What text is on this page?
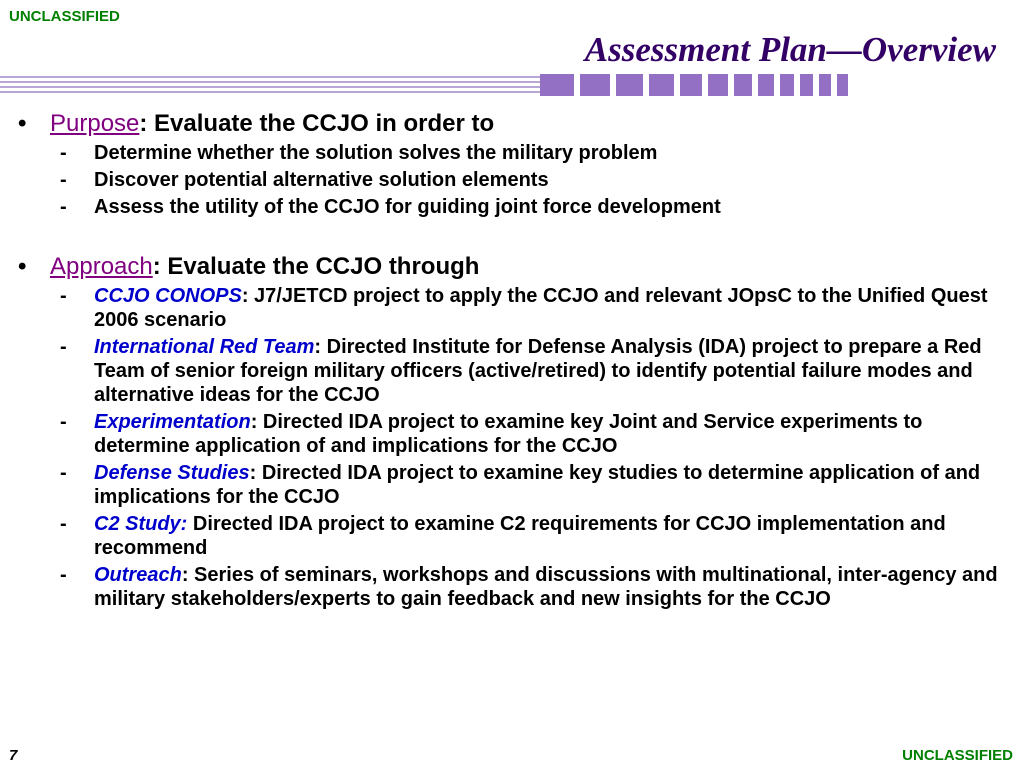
UNCLASSIFIED
Assessment Plan—Overview
• Purpose: Evaluate the CCJO in order to
-	Determine whether the solution solves the military problem
-	Discover potential alternative solution elements
-	Assess the utility of the CCJO for guiding joint force development
• Approach: Evaluate the CCJO through
-	CCJO CONOPS: J7/JETCD project to apply the CCJO and relevant JOpsC to the Unified Quest 2006 scenario
-	International Red Team: Directed Institute for Defense Analysis (IDA) project to prepare a Red Team of senior foreign military officers (active/retired) to identify potential failure modes and alternative ideas for the CCJO
-	Experimentation: Directed IDA project to examine key Joint and Service experiments to determine application of and implications for the CCJO
-	Defense Studies: Directed IDA project to examine key studies to determine application of and implications for the CCJO
-	C2 Study: Directed IDA project to examine C2 requirements for CCJO implementation and recommend
-	Outreach: Series of seminars, workshops and discussions with multinational, inter-agency and military stakeholders/experts to gain feedback and new insights for the CCJO
7	UNCLASSIFIED
